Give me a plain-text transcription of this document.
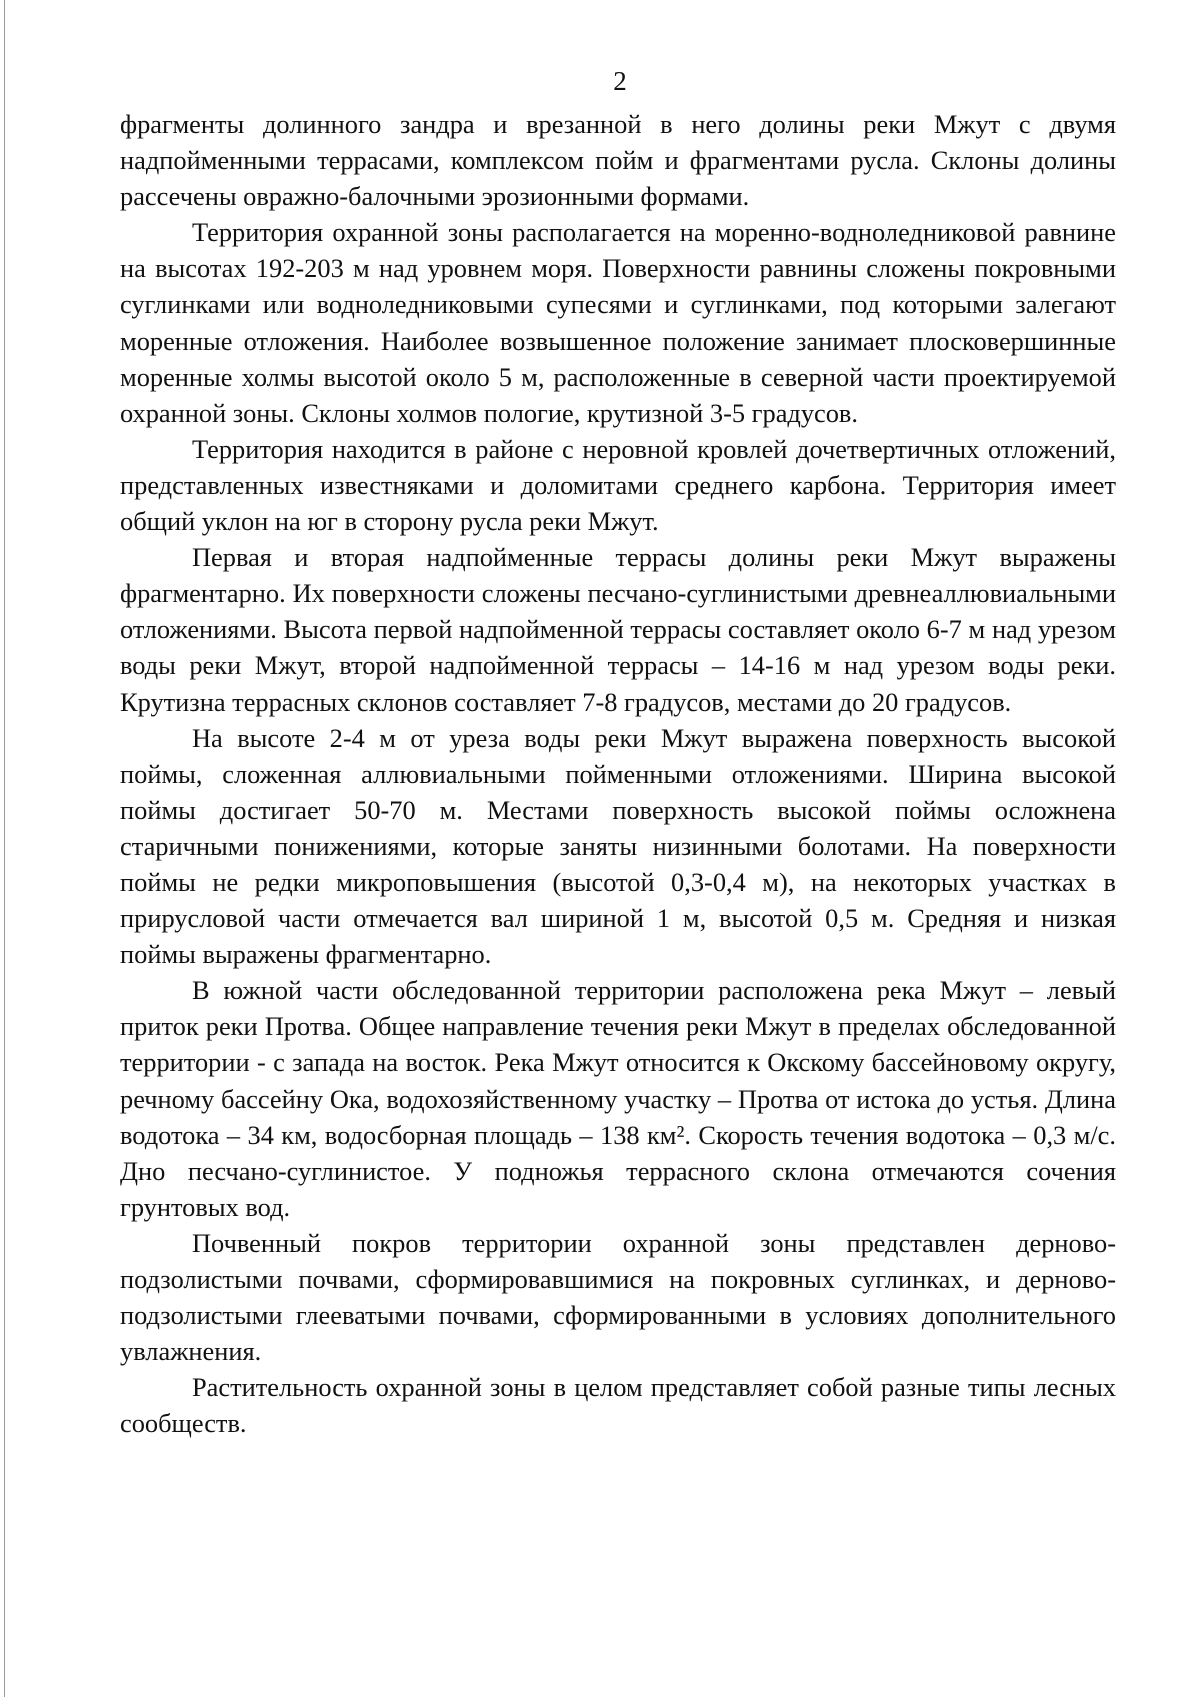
2

фрагменты долинного зандра и врезанной в него долины реки Мжут с двумя надпойменными террасами, комплексом пойм и фрагментами русла. Склоны долины рассечены овражно-балочными эрозионными формами.

Территория охранной зоны располагается на моренно-водноледниковой равнине на высотах 192-203 м над уровнем моря. Поверхности равнины сложены покровными суглинками или водноледниковыми супесями и суглинками, под которыми залегают моренные отложения. Наиболее возвышенное положение занимает плосковершинные моренные холмы высотой около 5 м, расположенные в северной части проектируемой охранной зоны. Склоны холмов пологие, крутизной 3-5 градусов.

Территория находится в районе с неровной кровлей дочетвертичных отложений, представленных известняками и доломитами среднего карбона. Территория имеет общий уклон на юг в сторону русла реки Мжут.

Первая и вторая надпойменные террасы долины реки Мжут выражены фрагментарно. Их поверхности сложены песчано-суглинистыми древнеаллювиальными отложениями. Высота первой надпойменной террасы составляет около 6-7 м над урезом воды реки Мжут, второй надпойменной террасы – 14-16 м над урезом воды реки. Крутизна террасных склонов составляет 7-8 градусов, местами до 20 градусов.

На высоте 2-4 м от уреза воды реки Мжут выражена поверхность высокой поймы, сложенная аллювиальными пойменными отложениями. Ширина высокой поймы достигает 50-70 м. Местами поверхность высокой поймы осложнена старичными понижениями, которые заняты низинными болотами. На поверхности поймы не редки микроповышения (высотой 0,3-0,4 м), на некоторых участках в прирусловой части отмечается вал шириной 1 м, высотой 0,5 м. Средняя и низкая поймы выражены фрагментарно.

В южной части обследованной территории расположена река Мжут – левый приток реки Протва. Общее направление течения реки Мжут в пределах обследованной территории - с запада на восток. Река Мжут относится к Окскому бассейновому округу, речному бассейну Ока, водохозяйственному участку – Протва от истока до устья. Длина водотока – 34 км, водосборная площадь – 138 км². Скорость течения водотока – 0,3 м/с. Дно песчано-суглинистое. У подножья террасного склона отмечаются сочения грунтовых вод.

Почвенный покров территории охранной зоны представлен дерново-подзолистыми почвами, сформировавшимися на покровных суглинках, и дерново-подзолистыми глееватыми почвами, сформированными в условиях дополнительного увлажнения.

Растительность охранной зоны в целом представляет собой разные типы лесных сообществ.
